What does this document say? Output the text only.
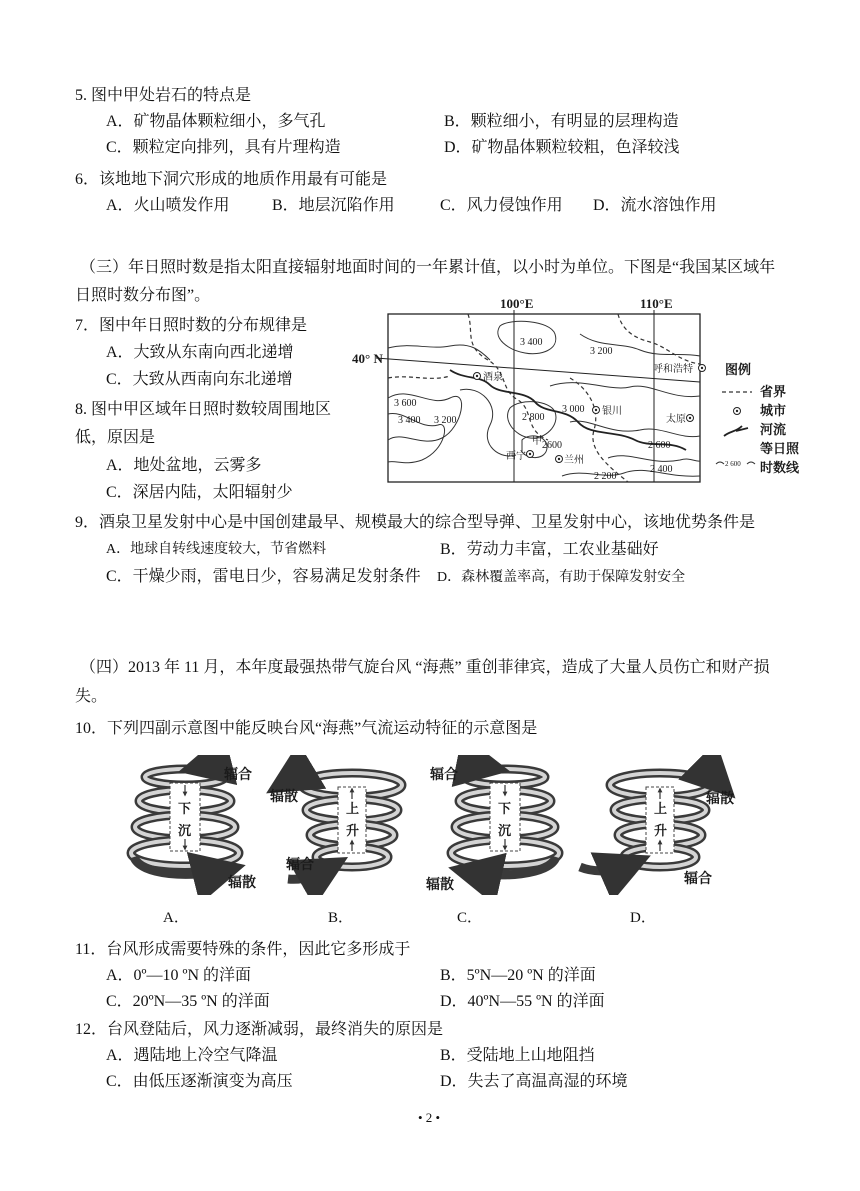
5. 图中甲处岩石的特点是
A．矿物晶体颗粒细小，多气孔	B．颗粒细小，有明显的层理构造
C．颗粒定向排列，具有片理构造	D．矿物晶体颗粒较粗，色泽较浅
6．该地地下洞穴形成的地质作用最有可能是
A．火山喷发作用	B．地层沉陷作用	C．风力侵蚀作用 D．流水溶蚀作用
（三）年日照时数是指太阳直接辐射地面时间的一年累计值，以小时为单位。下图是“我国某区域年
日照时数分布图”。
7．图中年日照时数的分布规律是
A．大致从东南向西北递增
C．大致从西南向东北递增
8. 图中甲区域年日照时数较周围地区
低，原因是
A．地处盆地，云雾多
C．深居内陆，太阳辐射少
100°E	110°E
40° N
3 400
3 200
3 600
3 400 3 200	2 800
3 000
2600	2 600
2 400
2 200
呼和浩特
酒泉
银川
太原
甲
西宁	兰州
图例
省界
城市
河流
2 600
等日照
时数线
9．酒泉卫星发射中心是中国创建最早、规模最大的综合型导弹、卫星发射中心，该地优势条件是
A．地球自转线速度较大，节省燃料	B．劳动力丰富，工农业基础好
C．干燥少雨，雷电日少，容易满足发射条件 D．森林覆盖率高，有助于保障发射安全
（四）2013 年 11 月，本年度最强热带气旋台风 “海燕” 重创菲律宾，造成了大量人员伤亡和财产损
失。
10．下列四副示意图中能反映台风“海燕”气流运动特征的示意图是
下
沉
辐合
辐散
上
升
辐散
辐合
下
沉
辐合
辐散
上
升
辐散
辐合
A．	B．	C．	D．
11．台风形成需要特殊的条件，因此它多形成于
A．0º—10 ºN 的洋面	B．5ºN—20 ºN 的洋面
C．20ºN—35 ºN 的洋面	D．40ºN—55 ºN 的洋面
12．台风登陆后，风力逐渐减弱，最终消失的原因是
A．遇陆地上冷空气降温	B．受陆地上山地阻挡
C．由低压逐渐演变为高压	D．失去了高温高湿的环境
• 2 •
